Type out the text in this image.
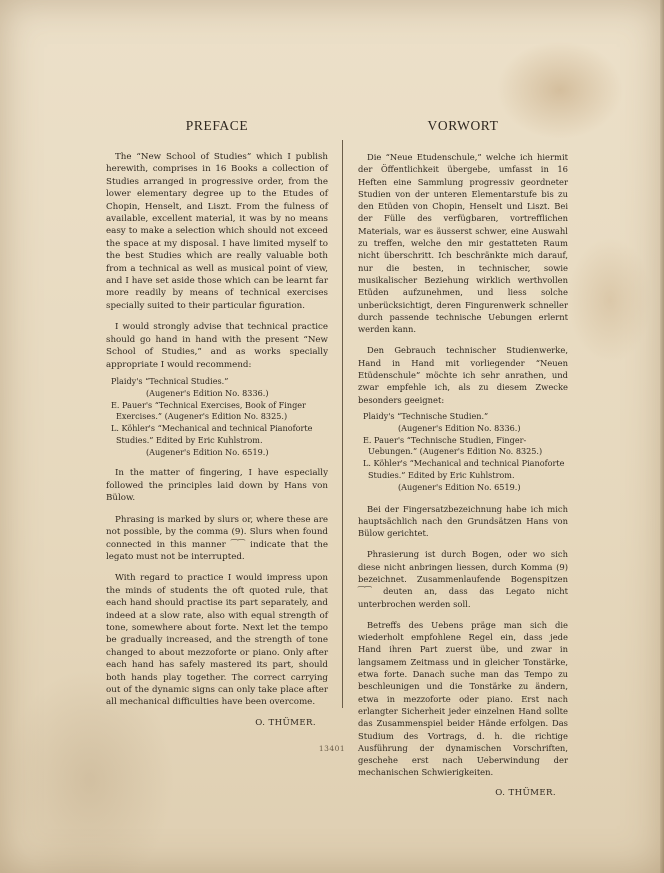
PREFACE

The “New School of Studies” which I publish herewith, comprises in 16 Books a collection of Studies arranged in progressive order, from the lower elementary degree up to the Etudes of Chopin, Henselt, and Liszt. From the fulness of available, excellent material, it was by no means easy to make a selection which should not exceed the space at my disposal. I have limited myself to the best Studies which are really valuable both from a technical as well as musical point of view, and I have set aside those which can be learnt far more readily by means of technical exercises specially suited to their particular figuration.

I would strongly advise that technical practice should go hand in hand with the present “New School of Studies,” and as works specially appropriate I would recommend:

Plaidy's “Technical Studies.”
(Augener's Edition No. 8336.)
E. Pauer's “Technical Exercises, Book of Finger Exercises.” (Augener's Edition No. 8325.)
L. Köhler's “Mechanical and technical Pianoforte Studies.” Edited by Eric Kuhlstrom.
(Augener's Edition No. 6519.)

In the matter of fingering, I have especially followed the principles laid down by Hans von Bülow.

Phrasing is marked by slurs or, where these are not possible, by the comma (9). Slurs when found connected in this manner ⁀⁀ indicate that the legato must not be interrupted.

With regard to practice I would impress upon the minds of students the oft quoted rule, that each hand should practise its part separately, and indeed at a slow rate, also with equal strength of tone, somewhere about forte. Next let the tempo be gradually increased, and the strength of tone changed to about mezzoforte or piano. Only after each hand has safely mastered its part, should both hands play together. The correct carrying out of the dynamic signs can only take place after all mechanical difficulties have been overcome.

O. THÜMER.
VORWORT

Die “Neue Etudenschule,” welche ich hiermit der Öffentlichkeit übergebe, umfasst in 16 Heften eine Sammlung progressiv geordneter Studien von der unteren Elementarstufe bis zu den Etüden von Chopin, Henselt und Liszt. Bei der Fülle des verfügbaren, vortrefflichen Materials, war es äusserst schwer, eine Auswahl zu treffen, welche den mir gestatteten Raum nicht überschritt. Ich beschränkte mich darauf, nur die besten, in technischer, sowie musikalischer Beziehung wirklich werthvollen Etüden aufzunehmen, und liess solche unberücksichtigt, deren Fingurenwerk schneller durch passende technische Uebungen erlernt werden kann.

Den Gebrauch technischer Studienwerke, Hand in Hand mit vorliegender “Neuen Etüdenschule” möchte ich sehr anrathen, und zwar empfehle ich, als zu diesem Zwecke besonders geeignet:

Plaidy's “Technische Studien.”
(Augener's Edition No. 8336.)
E. Pauer's “Technische Studien, Finger-Uebungen.” (Augener's Edition No. 8325.)
L. Köhler's “Mechanical and technical Pianoforte Studies.” Edited by Eric Kuhlstrom.
(Augener's Edition No. 6519.)

Bei der Fingersatzbezeichnung habe ich mich hauptsächlich nach den Grundsätzen Hans von Bülow gerichtet.

Phrasierung ist durch Bogen, oder wo sich diese nicht anbringen liessen, durch Komma (9) bezeichnet. Zusammenlaufende Bogenspitzen ⁀⁀ deuten an, dass das Legato nicht unterbrochen werden soll.

Betreffs des Uebens präge man sich die wiederholt empfohlene Regel ein, dass jede Hand ihren Part zuerst übe, und zwar in langsamem Zeitmass und in gleicher Tonstärke, etwa forte. Danach suche man das Tempo zu beschleunigen und die Tonstärke zu ändern, etwa in mezzoforte oder piano. Erst nach erlangter Sicherheit jeder einzelnen Hand sollte das Zusammenspiel beider Hände erfolgen. Das Studium des Vortrags, d. h. die richtige Ausführung der dynamischen Vorschriften, geschehe erst nach Ueberwindung der mechanischen Schwierigkeiten.

O. THÜMER.
13401
